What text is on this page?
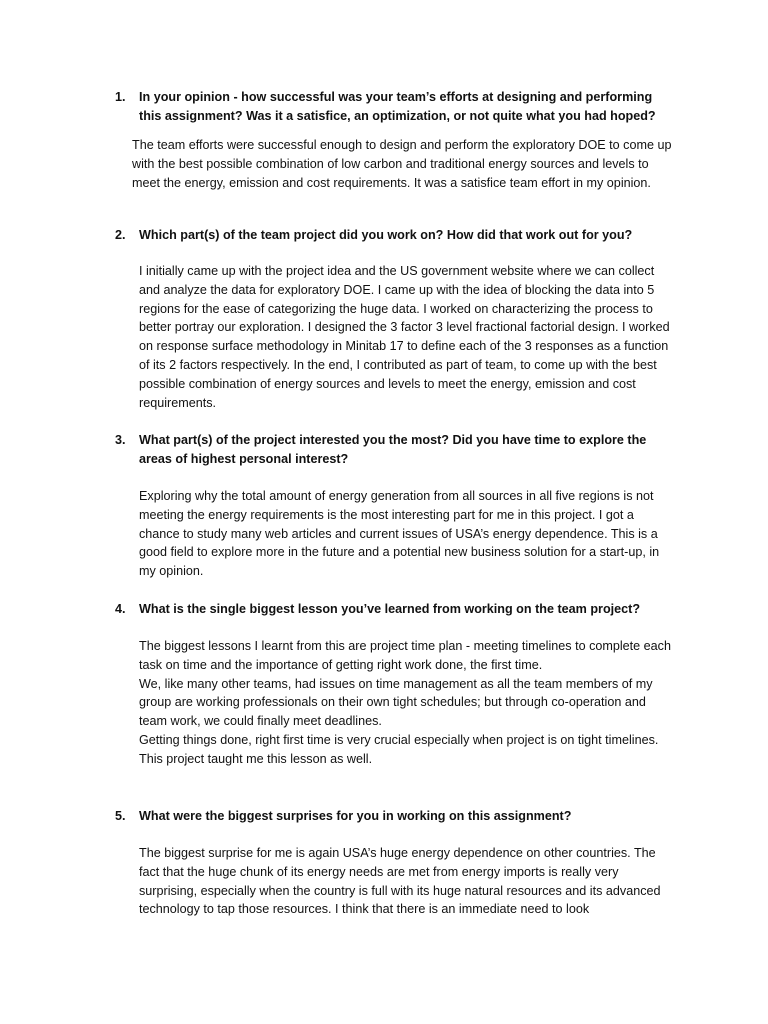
1.	In your opinion - how successful was your team’s efforts at designing and performing this assignment? Was it a satisfice, an optimization, or not quite what you had hoped?

The team efforts were successful enough to design and perform the exploratory DOE to come up with the best possible combination of low carbon and traditional energy sources and levels to meet the energy, emission and cost requirements. It was a satisfice team effort in my opinion.

2.	Which part(s) of the team project did you work on? How did that work out for you?

I initially came up with the project idea and the US government website where we can collect and analyze the data for exploratory DOE. I came up with the idea of blocking the data into 5 regions for the ease of categorizing the huge data. I worked on characterizing the process to better portray our exploration. I designed the 3 factor 3 level fractional factorial design. I worked on response surface methodology in Minitab 17 to define each of the 3 responses as a function of its 2 factors respectively. In the end, I contributed as part of team, to come up with the best possible combination of energy sources and levels to meet the energy, emission and cost requirements.

3.	What part(s) of the project interested you the most? Did you have time to explore the areas of highest personal interest?

Exploring why the total amount of energy generation from all sources in all five regions is not meeting the energy requirements is the most interesting part for me in this project. I got a chance to study many web articles and current issues of USA’s energy dependence. This is a good field to explore more in the future and a potential new business solution for a start-up, in my opinion.

4.	What is the single biggest lesson you’ve learned from working on the team project?

The biggest lessons I learnt from this are project time plan - meeting timelines to complete each task on time and the importance of getting right work done, the first time.

We, like many other teams, had issues on time management as all the team members of my group are working professionals on their own tight schedules; but through co-operation and team work, we could finally meet deadlines.

Getting things done, right first time is very crucial especially when project is on tight timelines. This project taught me this lesson as well.

5.	What were the biggest surprises for you in working on this assignment?

The biggest surprise for me is again USA’s huge energy dependence on other countries. The fact that the huge chunk of its energy needs are met from energy imports is really very surprising, especially when the country is full with its huge natural resources and its advanced technology to tap those resources. I think that there is an immediate need to look
